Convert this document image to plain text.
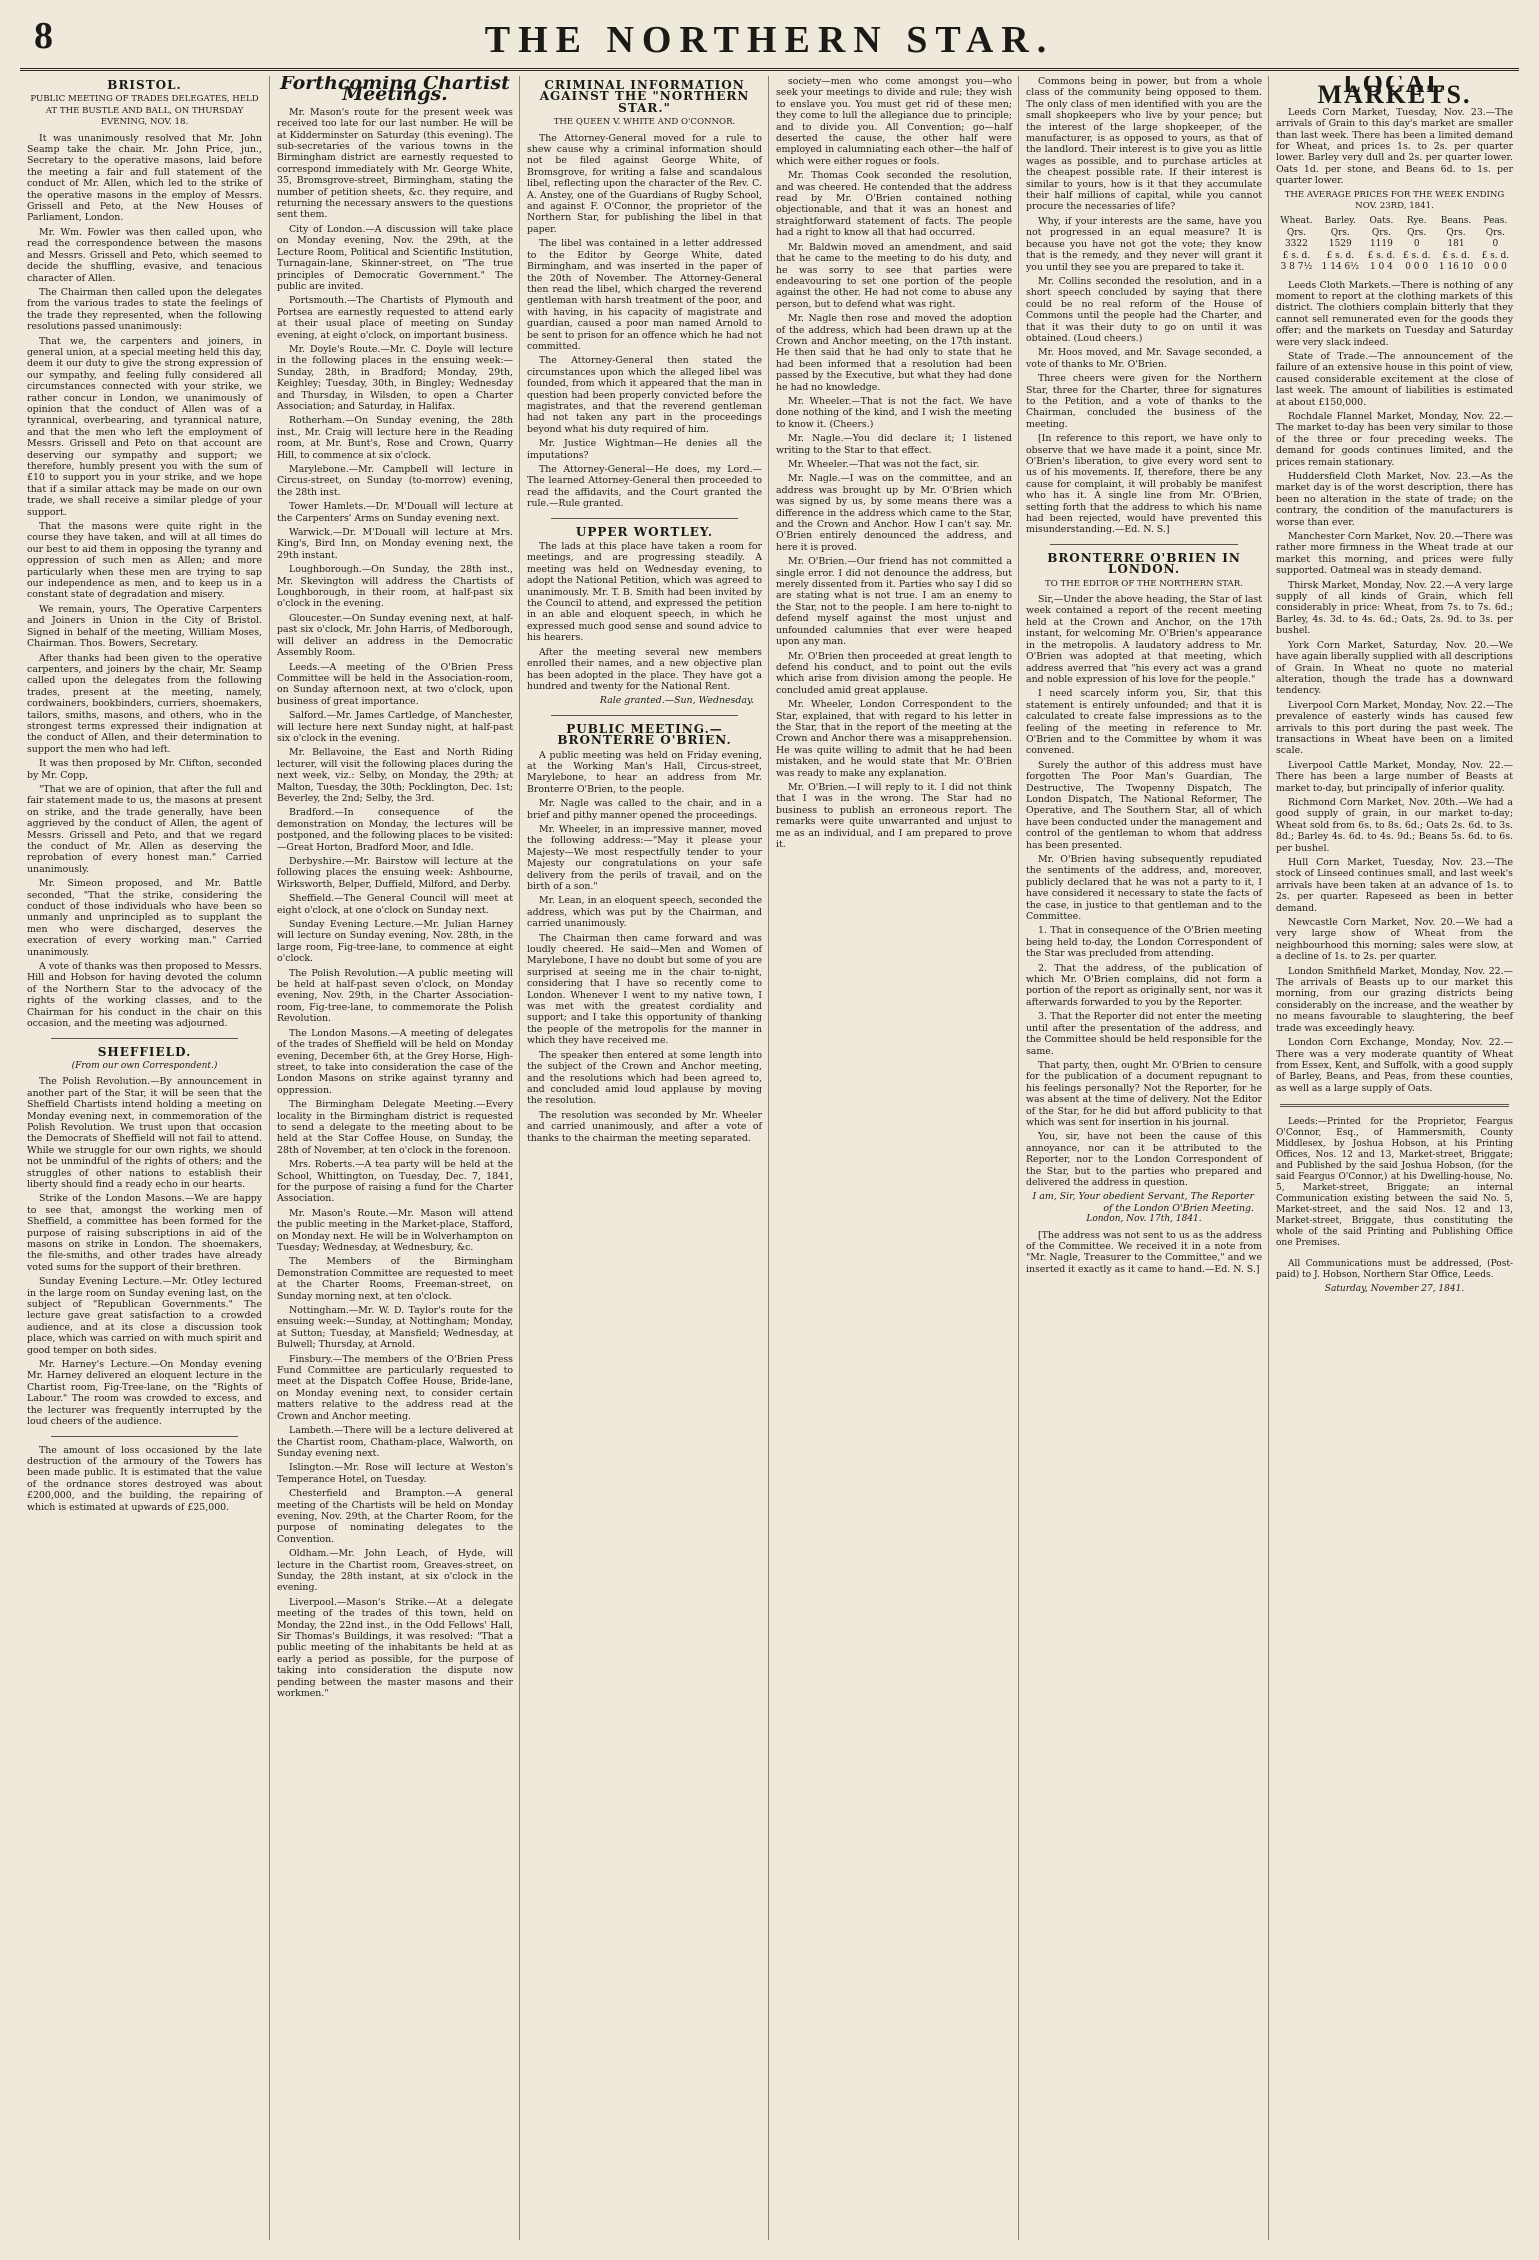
8	THE NORTHERN STAR.
BRISTOL.
PUBLIC MEETING OF TRADES DELEGATES, HELD AT THE BUSTLE AND BALL, ON THURSDAY EVENING, NOV. 18.

It was unanimously resolved that Mr. John Seamp take the chair. Mr. John Price, jun., Secretary to the operative masons, laid before the meeting a fair and full statement of the conduct of Mr. Allen, which led to the strike of the operative masons in the employ of Messrs. Grissell and Peto, at the New Houses of Parliament, London.

Mr. Wm. Fowler was then called upon, who read the correspondence between the masons and Messrs. Grissell and Peto, which seemed to decide the shuffling, evasive, and tenacious character of Allen.

The Chairman then called upon the delegates from the various trades to state the feelings of the trade they represented, when the following resolutions passed unanimously:

That we, the carpenters and joiners, in general union, at a special meeting held this day, deem it our duty to give the strong expression of our sympathy, and feeling fully considered all circumstances connected with your strike, we rather concur in London, we unanimously of opinion that the conduct of Allen was of a tyrannical, overbearing, and tyrannical nature, and that the men who left the employment of Messrs. Grissell and Peto on that account are deserving our sympathy and support; we therefore, humbly present you with the sum of £10 to support you in your strike, and we hope that if a similar attack may be made on our own trade, we shall receive a similar pledge of your support.

That the masons were quite right in the course they have taken, and will at all times do our best to aid them in opposing the tyranny and oppression of such men as Allen; and more particularly when these men are trying to sap our independence as men, and to keep us in a constant state of degradation and misery.

We remain, yours, The Operative Carpenters and Joiners in Union in the City of Bristol. Signed in behalf of the meeting, William Moses, Chairman. Thos. Bowers, Secretary.

After thanks had been given to the operative carpenters, and joiners by the chair, Mr. Seamp called upon the delegates from the following trades, present at the meeting, namely, cordwainers, bookbinders, curriers, shoemakers, tailors, smiths, masons, and others, who in the strongest terms expressed their indignation at the conduct of Allen, and their determination to support the men who had left.

It was then proposed by Mr. Clifton, seconded by Mr. Copp,

"That we are of opinion, that after the full and fair statement made to us, the masons at present on strike, and the trade generally, have been aggrieved by the conduct of Allen, the agent of Messrs. Grissell and Peto, and that we regard the conduct of Mr. Allen as deserving the reprobation of every honest man." Carried unanimously.

Mr. Simeon proposed, and Mr. Battle seconded, "That the strike, considering the conduct of those individuals who have been so unmanly and unprincipled as to supplant the men who were discharged, deserves the execration of every working man." Carried unanimously.

A vote of thanks was then proposed to Messrs. Hill and Hobson for having devoted the column of the Northern Star to the advocacy of the rights of the working classes, and to the Chairman for his conduct in the chair on this occasion, and the meeting was adjourned.

SHEFFIELD.
(From our own Correspondent.)

The Polish Revolution.—By announcement in another part of the Star, it will be seen that the Sheffield Chartists intend holding a meeting on Monday evening next, in commemoration of the Polish Revolution. We trust upon that occasion the Democrats of Sheffield will not fail to attend. While we struggle for our own rights, we should not be unmindful of the rights of others; and the struggles of other nations to establish their liberty should find a ready echo in our hearts.

Strike of the London Masons.—We are happy to see that, amongst the working men of Sheffield, a committee has been formed for the purpose of raising subscriptions in aid of the masons on strike in London. The shoemakers, the file-smiths, and other trades have already voted sums for the support of their brethren.

Sunday Evening Lecture.—Mr. Otley lectured in the large room on Sunday evening last, on the subject of "Republican Governments." The lecture gave great satisfaction to a crowded audience, and at its close a discussion took place, which was carried on with much spirit and good temper on both sides.

Mr. Harney's Lecture.—On Monday evening Mr. Harney delivered an eloquent lecture in the Chartist room, Fig-Tree-lane, on the "Rights of Labour." The room was crowded to excess, and the lecturer was frequently interrupted by the loud cheers of the audience.

The amount of loss occasioned by the late destruction of the armoury of the Towers has been made public. It is estimated that the value of the ordnance stores destroyed was about £200,000, and the building, the repairing of which is estimated at upwards of £25,000.

Forthcoming Chartist Meetings.

Mr. Mason's route for the present week was received too late for our last number. He will be at Kidderminster on Saturday (this evening). The sub-secretaries of the various towns in the Birmingham district are earnestly requested to correspond immediately with Mr. George White, 35, Bromsgrove-street, Birmingham, stating the number of petition sheets, &c. they require, and returning the necessary answers to the questions sent them.

City of London.—A discussion will take place on Monday evening, Nov. the 29th, at the Lecture Room, Political and Scientific Institution, Turnagain-lane, Skinner-street, on "The true principles of Democratic Government." The public are invited.

Portsmouth.—The Chartists of Plymouth and Portsea are earnestly requested to attend early at their usual place of meeting on Sunday evening, at eight o'clock, on important business.

Mr. Doyle's Route.—Mr. C. Doyle will lecture in the following places in the ensuing week:—Sunday, 28th, in Bradford; Monday, 29th, Keighley; Tuesday, 30th, in Bingley; Wednesday and Thursday, in Wilsden, to open a Charter Association; and Saturday, in Halifax.

Rotherham.—On Sunday evening, the 28th inst., Mr. Craig will lecture here in the Reading room, at Mr. Bunt's, Rose and Crown, Quarry Hill, to commence at six o'clock.

Marylebone.—Mr. Campbell will lecture in Circus-street, on Sunday (to-morrow) evening, the 28th inst.

Tower Hamlets.—Dr. M'Douall will lecture at the Carpenters' Arms on Sunday evening next.

Warwick.—Dr. M'Douall will lecture at Mrs. King's, Bird Inn, on Monday evening next, the 29th instant.

Loughborough.—On Sunday, the 28th inst., Mr. Skevington will address the Chartists of Loughborough, in their room, at half-past six o'clock in the evening.

Gloucester.—On Sunday evening next, at half-past six o'clock, Mr. John Harris, of Medborough, will deliver an address in the Democratic Assembly Room.

Leeds.—A meeting of the O'Brien Press Committee will be held in the Association-room, on Sunday afternoon next, at two o'clock, upon business of great importance.

Salford.—Mr. James Cartledge, of Manchester, will lecture here next Sunday night, at half-past six o'clock in the evening.

Mr. Bellavoine, the East and North Riding lecturer, will visit the following places during the next week, viz.: Selby, on Monday, the 29th; at Malton, Tuesday, the 30th; Pocklington, Dec. 1st; Beverley, the 2nd; Selby, the 3rd.

Bradford.—In consequence of the demonstration on Monday, the lectures will be postponed, and the following places to be visited:—Great Horton, Bradford Moor, and Idle.

Derbyshire.—Mr. Bairstow will lecture at the following places the ensuing week: Ashbourne, Wirksworth, Belper, Duffield, Milford, and Derby.

Sheffield.—The General Council will meet at eight o'clock, at one o'clock on Sunday next.

Sunday Evening Lecture.—Mr. Julian Harney will lecture on Sunday evening, Nov. 28th, in the large room, Fig-tree-lane, to commence at eight o'clock.

The Polish Revolution.—A public meeting will be held at half-past seven o'clock, on Monday evening, Nov. 29th, in the Charter Association-room, Fig-tree-lane, to commemorate the Polish Revolution.

The London Masons.—A meeting of delegates of the trades of Sheffield will be held on Monday evening, December 6th, at the Grey Horse, High-street, to take into consideration the case of the London Masons on strike against tyranny and oppression.

The Birmingham Delegate Meeting.—Every locality in the Birmingham district is requested to send a delegate to the meeting about to be held at the Star Coffee House, on Sunday, the 28th of November, at ten o'clock in the forenoon.

Mrs. Roberts.—A tea party will be held at the School, Whittington, on Tuesday, Dec. 7, 1841, for the purpose of raising a fund for the Charter Association.

Mr. Mason's Route.—Mr. Mason will attend the public meeting in the Market-place, Stafford, on Monday next. He will be in Wolverhampton on Tuesday; Wednesday, at Wednesbury, &c.

The Members of the Birmingham Demonstration Committee are requested to meet at the Charter Rooms, Freeman-street, on Sunday morning next, at ten o'clock.

Nottingham.—Mr. W. D. Taylor's route for the ensuing week:—Sunday, at Nottingham; Monday, at Sutton; Tuesday, at Mansfield; Wednesday, at Bulwell; Thursday, at Arnold.

Finsbury.—The members of the O'Brien Press Fund Committee are particularly requested to meet at the Dispatch Coffee House, Bride-lane, on Monday evening next, to consider certain matters relative to the address read at the Crown and Anchor meeting.

Lambeth.—There will be a lecture delivered at the Chartist room, Chatham-place, Walworth, on Sunday evening next.

Islington.—Mr. Rose will lecture at Weston's Temperance Hotel, on Tuesday.

Chesterfield and Brampton.—A general meeting of the Chartists will be held on Monday evening, Nov. 29th, at the Charter Room, for the purpose of nominating delegates to the Convention.

Oldham.—Mr. John Leach, of Hyde, will lecture in the Chartist room, Greaves-street, on Sunday, the 28th instant, at six o'clock in the evening.

Liverpool.—Mason's Strike.—At a delegate meeting of the trades of this town, held on Monday, the 22nd inst., in the Odd Fellows' Hall, Sir Thomas's Buildings, it was resolved: "That a public meeting of the inhabitants be held at as early a period as possible, for the purpose of taking into consideration the dispute now pending between the master masons and their workmen."

CRIMINAL INFORMATION AGAINST THE "NORTHERN STAR."
THE QUEEN V. WHITE AND O'CONNOR.

The Attorney-General moved for a rule to shew cause why a criminal information should not be filed against George White, of Bromsgrove, for writing a false and scandalous libel, reflecting upon the character of the Rev. C. A. Anstey, one of the Guardians of Rugby School, and against F. O'Connor, the proprietor of the Northern Star, for publishing the libel in that paper.

The libel was contained in a letter addressed to the Editor by George White, dated Birmingham, and was inserted in the paper of the 20th of November. The Attorney-General then read the libel, which charged the reverend gentleman with harsh treatment of the poor, and with having, in his capacity of magistrate and guardian, caused a poor man named Arnold to be sent to prison for an offence which he had not committed.

The Attorney-General then stated the circumstances upon which the alleged libel was founded, from which it appeared that the man in question had been properly convicted before the magistrates, and that the reverend gentleman had not taken any part in the proceedings beyond what his duty required of him.

Mr. Justice Wightman—He denies all the imputations?

The Attorney-General—He does, my Lord.—The learned Attorney-General then proceeded to read the affidavits, and the Court granted the rule.—Rule granted.

UPPER WORTLEY.

The lads at this place have taken a room for meetings, and are progressing steadily. A meeting was held on Wednesday evening, to adopt the National Petition, which was agreed to unanimously. Mr. T. B. Smith had been invited by the Council to attend, and expressed the petition in an able and eloquent speech, in which he expressed much good sense and sound advice to his hearers.

After the meeting several new members enrolled their names, and a new objective plan has been adopted in the place. They have got a hundred and twenty for the National Rent.

Rale granted.—Sun, Wednesday.
PUBLIC MEETING.—BRONTERRE O'BRIEN.

A public meeting was held on Friday evening, at the Working Man's Hall, Circus-street, Marylebone, to hear an address from Mr. Bronterre O'Brien, to the people.

Mr. Nagle was called to the chair, and in a brief and pithy manner opened the proceedings.

Mr. Wheeler, in an impressive manner, moved the following address:—"May it please your Majesty—We most respectfully tender to your Majesty our congratulations on your safe delivery from the perils of travail, and on the birth of a son."

Mr. Lean, in an eloquent speech, seconded the address, which was put by the Chairman, and carried unanimously.

The Chairman then came forward and was loudly cheered. He said—Men and Women of Marylebone, I have no doubt but some of you are surprised at seeing me in the chair to-night, considering that I have so recently come to London. Whenever I went to my native town, I was met with the greatest cordiality and support; and I take this opportunity of thanking the people of the metropolis for the manner in which they have received me.

The speaker then entered at some length into the subject of the Crown and Anchor meeting, and the resolutions which had been agreed to, and concluded amid loud applause by moving the resolution.

The resolution was seconded by Mr. Wheeler and carried unanimously, and after a vote of thanks to the chairman the meeting separated.

society—men who come amongst you—who seek your meetings to divide and rule; they wish to enslave you. You must get rid of these men; they come to lull the allegiance due to principle; and to divide you. All Convention; go—half deserted the cause, the other half were employed in calumniating each other—the half of which were either rogues or fools.

Mr. Thomas Cook seconded the resolution, and was cheered. He contended that the address read by Mr. O'Brien contained nothing objectionable, and that it was an honest and straightforward statement of facts. The people had a right to know all that had occurred.

Mr. Baldwin moved an amendment, and said that he came to the meeting to do his duty, and he was sorry to see that parties were endeavouring to set one portion of the people against the other. He had not come to abuse any person, but to defend what was right.

Mr. Nagle then rose and moved the adoption of the address, which had been drawn up at the Crown and Anchor meeting, on the 17th instant. He then said that he had only to state that he had been informed that a resolution had been passed by the Executive, but what they had done he had no knowledge.

Mr. Wheeler.—That is not the fact. We have done nothing of the kind, and I wish the meeting to know it. (Cheers.)

Mr. Nagle.—You did declare it; I listened writing to the Star to that effect.

Mr. Wheeler.—That was not the fact, sir.

Mr. Nagle.—I was on the committee, and an address was brought up by Mr. O'Brien which was signed by us, by some means there was a difference in the address which came to the Star, and the Crown and Anchor. How I can't say. Mr. O'Brien entirely denounced the address, and here it is proved.

Mr. O'Brien.—Our friend has not committed a single error. I did not denounce the address, but merely dissented from it. Parties who say I did so are stating what is not true. I am an enemy to the Star, not to the people. I am here to-night to defend myself against the most unjust and unfounded calumnies that ever were heaped upon any man.

Mr. O'Brien then proceeded at great length to defend his conduct, and to point out the evils which arise from division among the people. He concluded amid great applause.

Mr. Wheeler, London Correspondent to the Star, explained, that with regard to his letter in the Star, that in the report of the meeting at the Crown and Anchor there was a misapprehension. He was quite willing to admit that he had been mistaken, and he would state that Mr. O'Brien was ready to make any explanation.

Mr. O'Brien.—I will reply to it. I did not think that I was in the wrong. The Star had no business to publish an erroneous report. The remarks were quite unwarranted and unjust to me as an individual, and I am prepared to prove it.

Commons being in power, but from a whole class of the community being opposed to them. The only class of men identified with you are the small shopkeepers who live by your pence; but the interest of the large shopkeeper, of the manufacturer, is as opposed to yours, as that of the landlord. Their interest is to give you as little wages as possible, and to purchase articles at the cheapest possible rate. If their interest is similar to yours, how is it that they accumulate their half millions of capital, while you cannot procure the necessaries of life?

Why, if your interests are the same, have you not progressed in an equal measure? It is because you have not got the vote; they know that is the remedy, and they never will grant it you until they see you are prepared to take it.

Mr. Collins seconded the resolution, and in a short speech concluded by saying that there could be no real reform of the House of Commons until the people had the Charter, and that it was their duty to go on until it was obtained. (Loud cheers.)

Mr. Hoos moved, and Mr. Savage seconded, a vote of thanks to Mr. O'Brien.

Three cheers were given for the Northern Star, three for the Charter, three for signatures to the Petition, and a vote of thanks to the Chairman, concluded the business of the meeting.

[In reference to this report, we have only to observe that we have made it a point, since Mr. O'Brien's liberation, to give every word sent to us of his movements. If, therefore, there be any cause for complaint, it will probably be manifest who has it. A single line from Mr. O'Brien, setting forth that the address to which his name had been rejected, would have prevented this misunderstanding.—Ed. N. S.]

BRONTERRE O'BRIEN IN LONDON.
TO THE EDITOR OF THE NORTHERN STAR.

Sir,—Under the above heading, the Star of last week contained a report of the recent meeting held at the Crown and Anchor, on the 17th instant, for welcoming Mr. O'Brien's appearance in the metropolis. A laudatory address to Mr. O'Brien was adopted at that meeting, which address averred that "his every act was a grand and noble expression of his love for the people."

I need scarcely inform you, Sir, that this statement is entirely unfounded; and that it is calculated to create false impressions as to the feeling of the meeting in reference to Mr. O'Brien and to the Committee by whom it was convened.

Surely the author of this address must have forgotten The Poor Man's Guardian, The Destructive, The Twopenny Dispatch, The London Dispatch, The National Reformer, The Operative, and The Southern Star, all of which have been conducted under the management and control of the gentleman to whom that address has been presented.

Mr. O'Brien having subsequently repudiated the sentiments of the address, and, moreover, publicly declared that he was not a party to it, I have considered it necessary to state the facts of the case, in justice to that gentleman and to the Committee.

1. That in consequence of the O'Brien meeting being held to-day, the London Correspondent of the Star was precluded from attending.

2. That the address, of the publication of which Mr. O'Brien complains, did not form a portion of the report as originally sent, nor was it afterwards forwarded to you by the Reporter.

3. That the Reporter did not enter the meeting until after the presentation of the address, and the Committee should be held responsible for the same.

That party, then, ought Mr. O'Brien to censure for the publication of a document repugnant to his feelings personally? Not the Reporter, for he was absent at the time of delivery. Not the Editor of the Star, for he did but afford publicity to that which was sent for insertion in his journal.

You, sir, have not been the cause of this annoyance, nor can it be attributed to the Reporter, nor to the London Correspondent of the Star, but to the parties who prepared and delivered the address in question.

I am, Sir, Your obedient Servant, The Reporter of the London O'Brien Meeting.
London, Nov. 17th, 1841.

[The address was not sent to us as the address of the Committee. We received it in a note from "Mr. Nagle, Treasurer to the Committee," and we inserted it exactly as it came to hand.—Ed. N. S.]

LOCAL MARKETS.

Leeds Corn Market, Tuesday, Nov. 23.—The arrivals of Grain to this day's market are smaller than last week. There has been a limited demand for Wheat, and prices 1s. to 2s. per quarter lower. Barley very dull and 2s. per quarter lower. Oats 1d. per stone, and Beans 6d. to 1s. per quarter lower.

THE AVERAGE PRICES FOR THE WEEK ENDING NOV. 23RD, 1841.
Wheat.	Barley.	Oats.	Rye.	Beans.	Peas.
Qrs.	Qrs.	Qrs.	Qrs.	Qrs.	Qrs.
3322	1529	1119	0	181	0
£ s. d.	£ s. d.	£ s. d.	£ s. d.	£ s. d.	£ s. d.
3 8 7½	1 14 6½	1 0 4	0 0 0	1 16 10	0 0 0

Leeds Cloth Markets.—There is nothing of any moment to report at the clothing markets of this district. The clothiers complain bitterly that they cannot sell remunerated even for the goods they offer; and the markets on Tuesday and Saturday were very slack indeed.

State of Trade.—The announcement of the failure of an extensive house in this point of view, caused considerable excitement at the close of last week. The amount of liabilities is estimated at about £150,000.

Rochdale Flannel Market, Monday, Nov. 22.—The market to-day has been very similar to those of the three or four preceding weeks. The demand for goods continues limited, and the prices remain stationary.

Huddersfield Cloth Market, Nov. 23.—As the market day is of the worst description, there has been no alteration in the state of trade; on the contrary, the condition of the manufacturers is worse than ever.

Manchester Corn Market, Nov. 20.—There was rather more firmness in the Wheat trade at our market this morning, and prices were fully supported. Oatmeal was in steady demand.

Thirsk Market, Monday, Nov. 22.—A very large supply of all kinds of Grain, which fell considerably in price: Wheat, from 7s. to 7s. 6d.; Barley, 4s. 3d. to 4s. 6d.; Oats, 2s. 9d. to 3s. per bushel.

York Corn Market, Saturday, Nov. 20.—We have again liberally supplied with all descriptions of Grain. In Wheat no quote no material alteration, though the trade has a downward tendency.

Liverpool Corn Market, Monday, Nov. 22.—The prevalence of easterly winds has caused few arrivals to this port during the past week. The transactions in Wheat have been on a limited scale.

Liverpool Cattle Market, Monday, Nov. 22.—There has been a large number of Beasts at market to-day, but principally of inferior quality.

Richmond Corn Market, Nov. 20th.—We had a good supply of grain, in our market to-day; Wheat sold from 6s. to 8s. 6d.; Oats 2s. 6d. to 3s. 8d.; Barley 4s. 6d. to 4s. 9d.; Beans 5s. 6d. to 6s. per bushel.

Hull Corn Market, Tuesday, Nov. 23.—The stock of Linseed continues small, and last week's arrivals have been taken at an advance of 1s. to 2s. per quarter. Rapeseed as been in better demand.

Newcastle Corn Market, Nov. 20.—We had a very large show of Wheat from the neighbourhood this morning; sales were slow, at a decline of 1s. to 2s. per quarter.

London Smithfield Market, Monday, Nov. 22.—The arrivals of Beasts up to our market this morning, from our grazing districts being considerably on the increase, and the weather by no means favourable to slaughtering, the beef trade was exceedingly heavy.

London Corn Exchange, Monday, Nov. 22.—There was a very moderate quantity of Wheat from Essex, Kent, and Suffolk, with a good supply of Barley, Beans, and Peas, from these counties, as well as a large supply of Oats.

Leeds:—Printed for the Proprietor, Feargus O'Connor, Esq., of Hammersmith, County Middlesex, by Joshua Hobson, at his Printing Offices, Nos. 12 and 13, Market-street, Briggate; and Published by the said Joshua Hobson, (for the said Feargus O'Connor,) at his Dwelling-house, No. 5, Market-street, Briggate; an internal Communication existing between the said No. 5, Market-street, and the said Nos. 12 and 13, Market-street, Briggate, thus constituting the whole of the said Printing and Publishing Office one Premises.

All Communications must be addressed, (Post-paid) to J. Hobson, Northern Star Office, Leeds.

Saturday, November 27, 1841.
